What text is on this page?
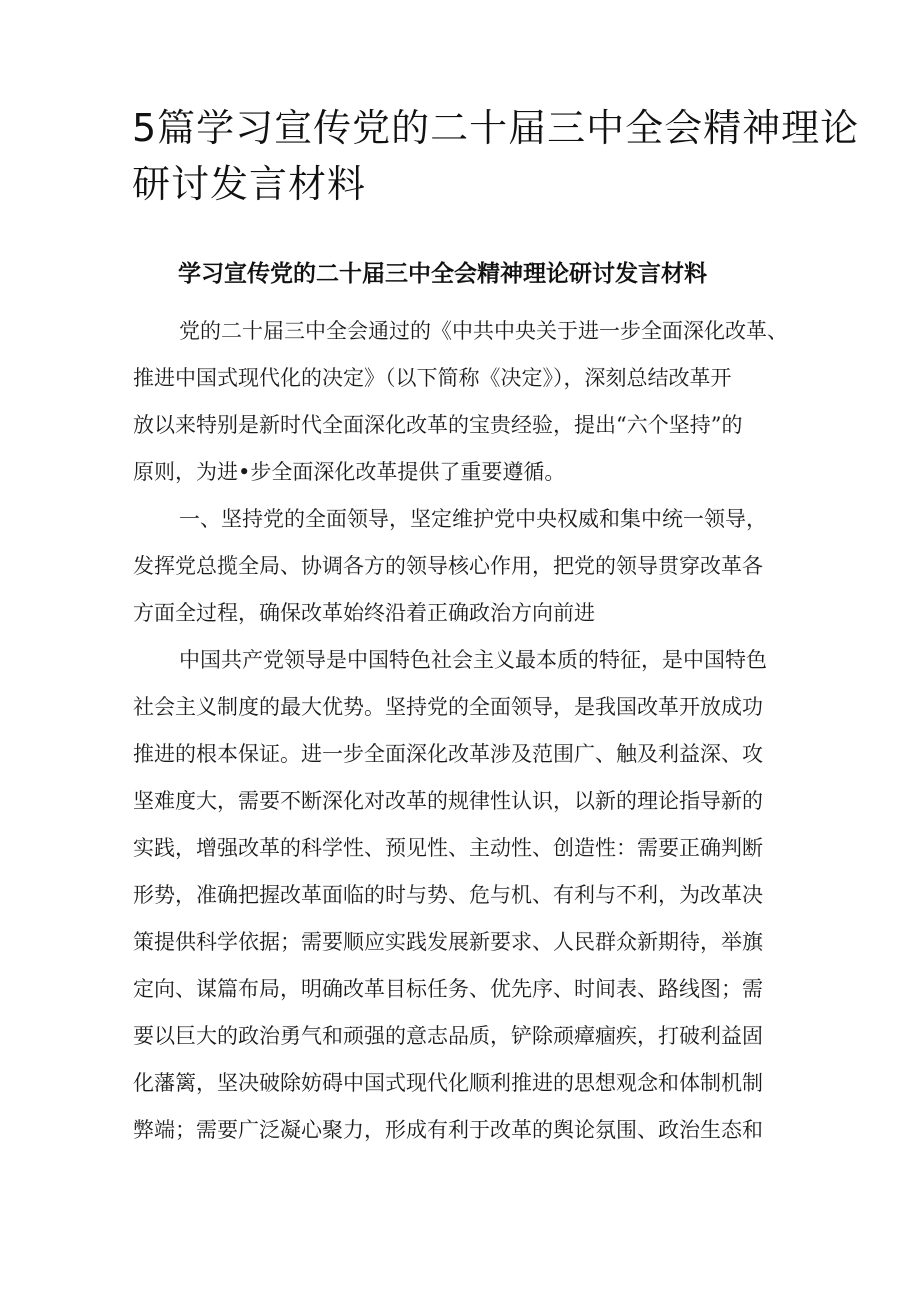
5篇学习宣传党的二十届三中全会精神理论
研讨发言材料
学习宣传党的二十届三中全会精神理论研讨发言材料
党的二十届三中全会通过的《中共中央关于进一步全面深化改革、
推进中国式现代化的决定》（以下简称《决定》），深刻总结改革开
放以来特别是新时代全面深化改革的宝贵经验，提出“六个坚持”的
原则，为进•步全面深化改革提供了重要遵循。
一、坚持党的全面领导，坚定维护党中央权威和集中统一领导，
发挥党总揽全局、协调各方的领导核心作用，把党的领导贯穿改革各
方面全过程，确保改革始终沿着正确政治方向前进
中国共产党领导是中国特色社会主义最本质的特征，是中国特色
社会主义制度的最大优势。坚持党的全面领导，是我国改革开放成功
推进的根本保证。进一步全面深化改革涉及范围广、触及利益深、攻
坚难度大，需要不断深化对改革的规律性认识，以新的理论指导新的
实践，增强改革的科学性、预见性、主动性、创造性：需要正确判断
形势，准确把握改革面临的时与势、危与机、有利与不利，为改革决
策提供科学依据；需要顺应实践发展新要求、人民群众新期待，举旗
定向、谋篇布局，明确改革目标任务、优先序、时间表、路线图；需
要以巨大的政治勇气和顽强的意志品质，铲除顽瘴痼疾，打破利益固
化藩篱，坚决破除妨碍中国式现代化顺利推进的思想观念和体制机制
弊端；需要广泛凝心聚力，形成有利于改革的舆论氛围、政治生态和
